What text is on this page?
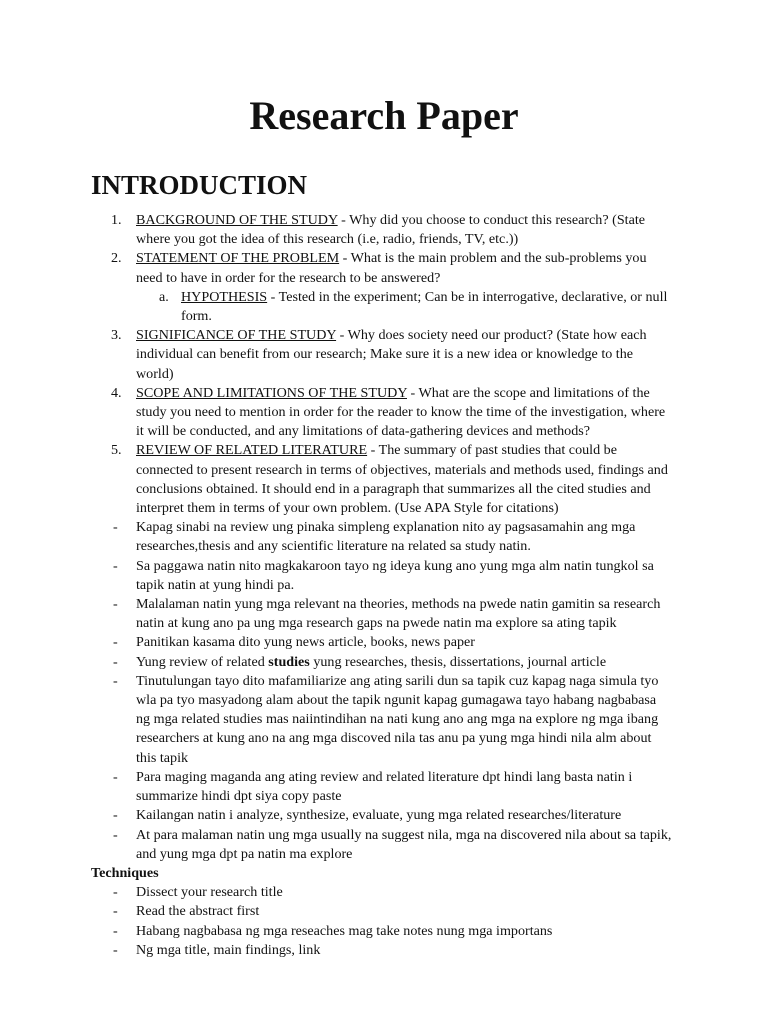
Research Paper
INTRODUCTION
1. BACKGROUND OF THE STUDY - Why did you choose to conduct this research? (State where you got the idea of this research (i.e, radio, friends, TV, etc.))
2. STATEMENT OF THE PROBLEM - What is the main problem and the sub-problems you need to have in order for the research to be answered?
a. HYPOTHESIS - Tested in the experiment; Can be in interrogative, declarative, or null form.
3. SIGNIFICANCE OF THE STUDY - Why does society need our product? (State how each individual can benefit from our research; Make sure it is a new idea or knowledge to the world)
4. SCOPE AND LIMITATIONS OF THE STUDY - What are the scope and limitations of the study you need to mention in order for the reader to know the time of the investigation, where it will be conducted, and any limitations of data-gathering devices and methods?
5. REVIEW OF RELATED LITERATURE - The summary of past studies that could be connected to present research in terms of objectives, materials and methods used, findings and conclusions obtained. It should end in a paragraph that summarizes all the cited studies and interpret them in terms of your own problem. (Use APA Style for citations)
- Kapag sinabi na review ung pinaka simpleng explanation nito ay pagsasamahin ang mga researches,thesis and any scientific literature na related sa study natin.
- Sa paggawa natin nito magkakaroon tayo ng ideya kung ano yung mga alm natin tungkol sa tapik natin at yung hindi pa.
- Malalaman natin yung mga relevant na theories, methods na pwede natin gamitin sa research natin at kung ano pa ung mga research gaps na pwede natin ma explore sa ating tapik
- Panitikan kasama dito yung news article, books, news paper
- Yung review of related studies yung researches, thesis, dissertations, journal article
- Tinutulungan tayo dito mafamiliarize ang ating sarili dun sa tapik cuz kapag naga simula tyo wla pa tyo masyadong alam about the tapik ngunit kapag gumagawa tayo habang nagbabasa ng mga related studies mas naiintindihan na nati kung ano ang mga na explore ng mga ibang researchers at kung ano na ang mga discoved nila tas anu pa yung mga hindi nila alm about this tapik
- Para maging maganda ang ating review and related literature dpt hindi lang basta natin i summarize hindi dpt siya copy paste
- Kailangan natin i analyze, synthesize, evaluate, yung mga related researches/literature
- At para malaman natin ung mga usually na suggest nila, mga na discovered nila about sa tapik, and yung mga dpt pa natin ma explore
Techniques
- Dissect your research title
- Read the abstract first
- Habang nagbabasa ng mga reseaches mag take notes nung mga importans
- Ng mga title, main findings, link
